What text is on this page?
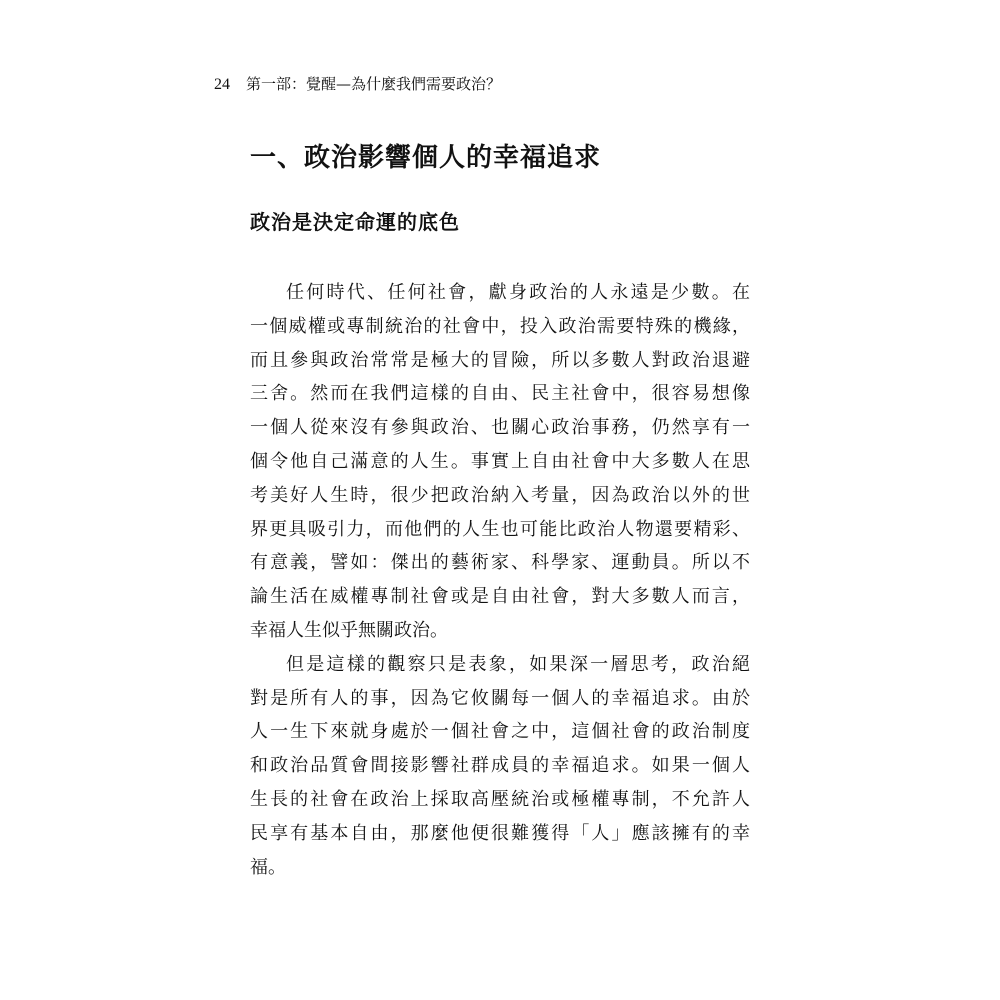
24 第一部：覺醒—為什麼我們需要政治？
一、政治影響個人的幸福追求
政治是決定命運的底色
任何時代、任何社會，獻身政治的人永遠是少數。在
一個威權或專制統治的社會中，投入政治需要特殊的機緣，
而且參與政治常常是極大的冒險，所以多數人對政治退避
三舍。然而在我們這樣的自由、民主社會中，很容易想像
一個人從來沒有參與政治、也關心政治事務，仍然享有一
個令他自己滿意的人生。事實上自由社會中大多數人在思
考美好人生時，很少把政治納入考量，因為政治以外的世
界更具吸引力，而他們的人生也可能比政治人物還要精彩、
有意義，譬如：傑出的藝術家、科學家、運動員。所以不
論生活在威權專制社會或是自由社會，對大多數人而言，
幸福人生似乎無關政治。
但是這樣的觀察只是表象，如果深一層思考，政治絕
對是所有人的事，因為它攸關每一個人的幸福追求。由於
人一生下來就身處於一個社會之中，這個社會的政治制度
和政治品質會間接影響社群成員的幸福追求。如果一個人
生長的社會在政治上採取高壓統治或極權專制，不允許人
民享有基本自由，那麼他便很難獲得「人」應該擁有的幸
福。
